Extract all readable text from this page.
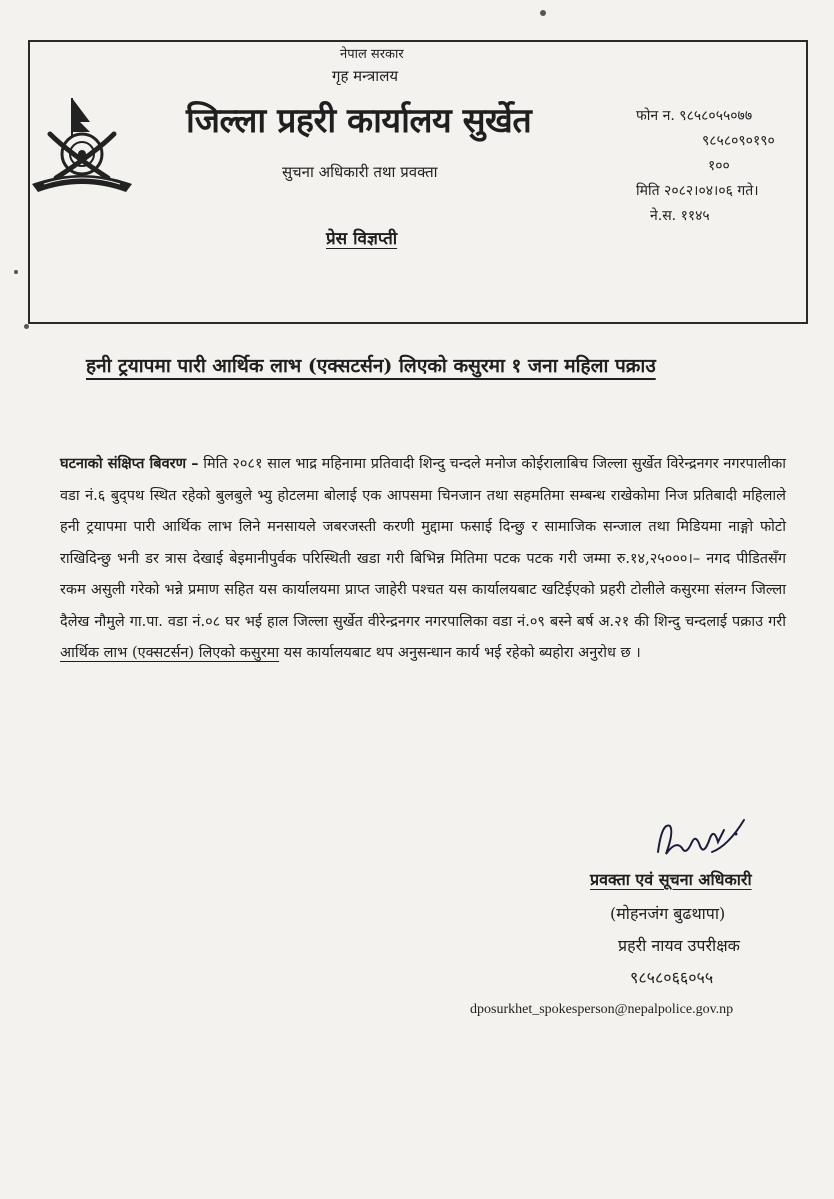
नेपाल सरकार
गृह मन्त्रालय
जिल्ला प्रहरी कार्यालय सुर्खेत
सुचना अधिकारी तथा प्रवक्ता
प्रेस विज्ञप्ती
फोन न. ९८५८०५५०७७
९८५८०९०१९०
१००
मिति २०८२।०४।०६ गते।
ने.स. ११४५
हनी ट्रयापमा पारी आर्थिक लाभ (एक्सटर्सन) लिएको कसुरमा १ जना महिला पक्राउ
घटनाको संक्षिप्त बिवरण – मिति २०८१ साल भाद्र महिनामा प्रतिवादी शिन्दु चन्दले मनोज कोईरालाबिच जिल्ला सुर्खेत विरेन्द्रनगर नगरपालीका वडा नं.६ बुद्पथ स्थित रहेको बुलबुले भ्यु होटलमा बोलाई एक आपसमा चिनजान तथा सहमतिमा सम्बन्ध राखेकोमा निज प्रतिबादी महिलाले हनी ट्रयापमा पारी आर्थिक लाभ लिने मनसायले जबरजस्ती करणी मुद्दामा फसाई दिन्छु र सामाजिक सन्जाल तथा मिडियमा नाङ्गो फोटो राखिदिन्छु भनी डर त्रास देखाई बेइमानीपुर्वक परिस्थिती खडा गरी बिभिन्न मितिमा पटक पटक गरी जम्मा रु.१४,२५०००।– नगद पीडितसँग रकम असुली गरेको भन्ने प्रमाण सहित यस कार्यालयमा प्राप्त जाहेरी पश्चत यस कार्यालयबाट खटिईएको प्रहरी टोलीले कसुरमा संलग्न जिल्ला दैलेख नौमुले गा.पा. वडा नं.०८ घर भई हाल जिल्ला सुर्खेत वीरेन्द्रनगर नगरपालिका वडा नं.०९ बस्ने बर्ष अ.२१ की शिन्दु चन्दलाई पक्राउ गरी आर्थिक लाभ (एक्सटर्सन) लिएको कसुरमा यस कार्यालयबाट थप अनुसन्धान कार्य भई रहेको ब्यहोरा अनुरोध छ ।
प्रवक्ता एवं सूचना अधिकारी
(मोहनजंग बुढथापा)
प्रहरी नायव उपरीक्षक
९८५८०६६०५५
dposurkhet_spokesperson@nepalpolice.gov.np
